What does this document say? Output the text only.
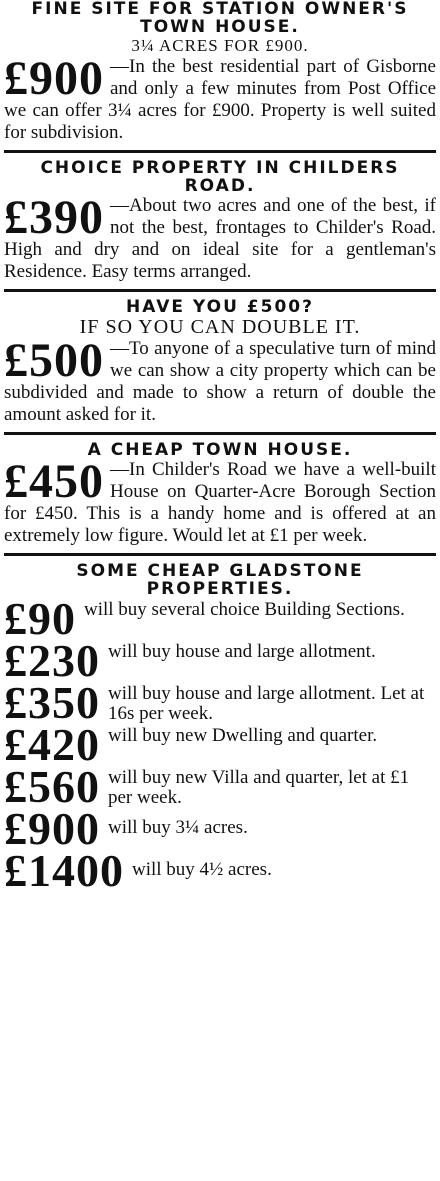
FINE SITE FOR STATION OWNER'S TOWN HOUSE.
3¼ ACRES FOR £900.
£900 —In the best residential part of Gisborne and only a few minutes from Post Office we can offer 3¼ acres for £900. Property is well suited for subdivision.
CHOICE PROPERTY IN CHILDERS ROAD.
£390 —About two acres and one of the best, if not the best, frontages to Childer's Road. High and dry and on ideal site for a gentleman's Residence. Easy terms arranged.
HAVE YOU £500?
IF SO YOU CAN DOUBLE IT.
£500 —To anyone of a speculative turn of mind we can show a city property which can be subdivided and made to show a return of double the amount asked for it.
A CHEAP TOWN HOUSE.
£450 —In Childer's Road we have a well-built House on Quarter-Acre Borough Section for £450. This is a handy home and is offered at an extremely low figure. Would let at £1 per week.
SOME CHEAP GLADSTONE PROPERTIES.
£90 will buy several choice Building Sections.
£230 will buy house and large allotment.
£350 will buy house and large allotment. Let at 16s per week.
£420 will buy new Dwelling and quarter.
£560 will buy new Villa and quarter, let at £1 per week.
£900 will buy 3¼ acres.
£1400 will buy 4½ acres.
